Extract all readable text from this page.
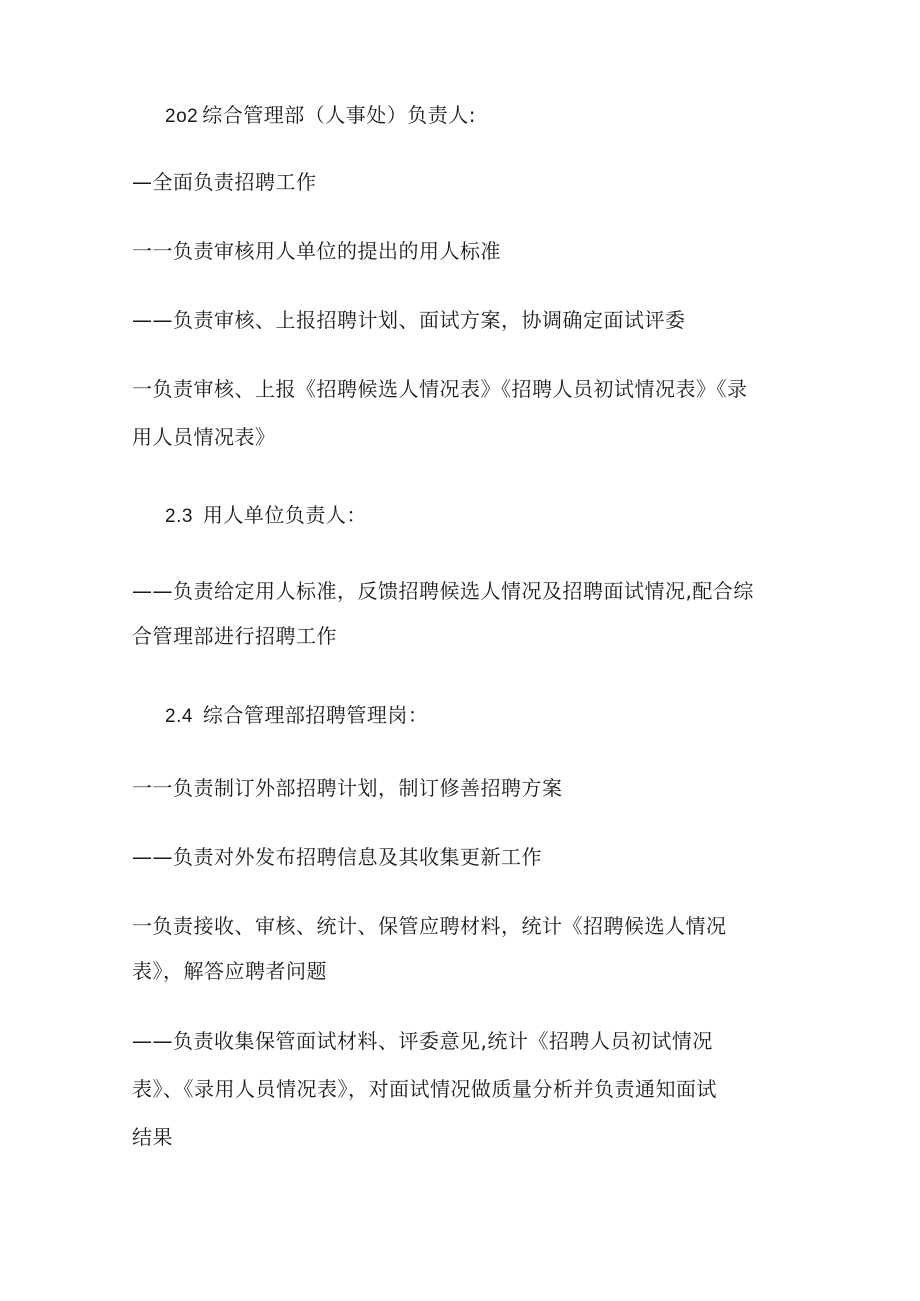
2o2 综合管理部（人事处）负责人:
—全面负责招聘工作
一一负责审核用人单位的提出的用人标准
——负责审核、上报招聘计划、面试方案，协调确定面试评委
一负责审核、上报《招聘候选人情况表》《招聘人员初试情况表》《录
用人员情况表》
2.3 用人单位负责人：
——负责给定用人标准，反馈招聘候选人情况及招聘面试情况,配合综
合管理部进行招聘工作
2.4 综合管理部招聘管理岗：
一一负责制订外部招聘计划，制订修善招聘方案
——负责对外发布招聘信息及其收集更新工作
一负责接收、审核、统计、保管应聘材料，统计《招聘候选人情况
表》，解答应聘者问题
——负责收集保管面试材料、评委意见,统计《招聘人员初试情况
表》、《录用人员情况表》，对面试情况做质量分析并负责通知面试
结果
